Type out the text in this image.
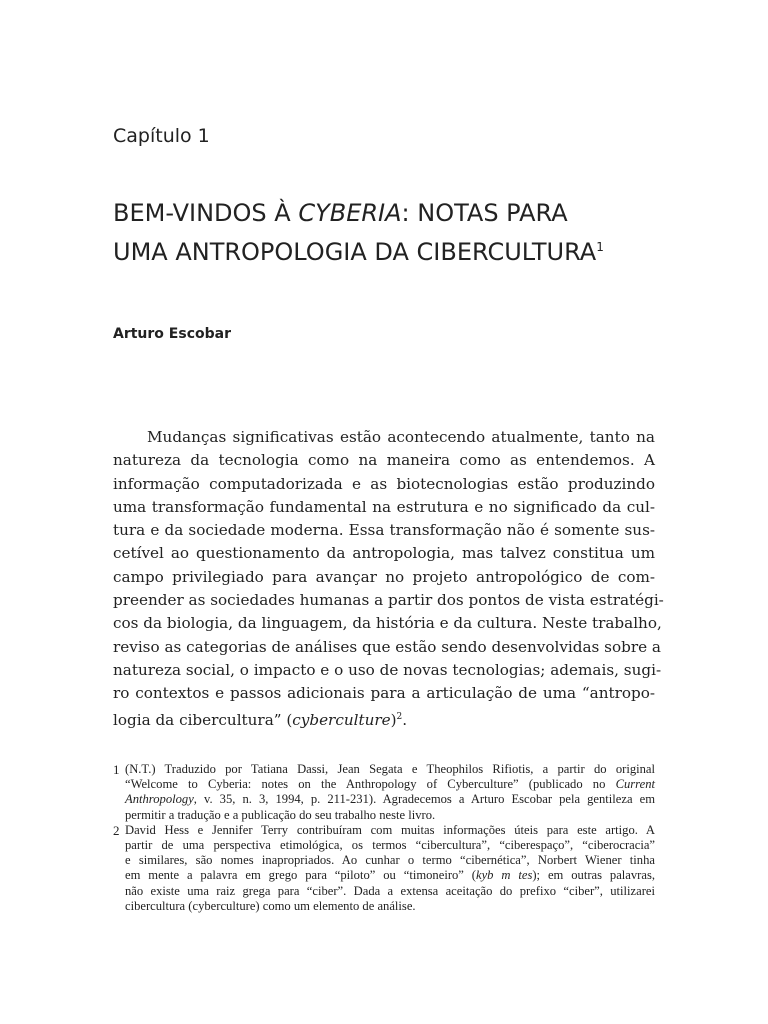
Capítulo 1
BEM-VINDOS À CYBERIA: NOTAS PARA
UMA ANTROPOLOGIA DA CIBERCULTURA$^1$
Arturo Escobar
Mudanças significativas estão acontecendo atualmente, tanto na
natureza da tecnologia como na maneira como as entendemos. A
informação computadorizada e as biotecnologias estão produzindo
uma transformação fundamental na estrutura e no significado da cul-
tura e da sociedade moderna. Essa transformação não é somente sus-
cetível ao questionamento da antropologia, mas talvez constitua um
campo privilegiado para avançar no projeto antropológico de com-
preender as sociedades humanas a partir dos pontos de vista estratégi-
cos da biologia, da linguagem, da história e da cultura. Neste trabalho,
reviso as categorias de análises que estão sendo desenvolvidas sobre a
natureza social, o impacto e o uso de novas tecnologias; ademais, sugi-
ro contextos e passos adicionais para a articulação de uma “antropo-
logia da cibercultura” (cyberculture)$^2$.
1 (N.T.) Traduzido por Tatiana Dassi, Jean Segata e Theophilos Rifiotis, a partir do original
“Welcome to Cyberia: notes on the Anthropology of Cyberculture” (publicado no Current
Anthropology, v. 35, n. 3, 1994, p. 211-231). Agradecemos a Arturo Escobar pela gentileza em
permitir a tradução e a publicação do seu trabalho neste livro.
2 David Hess e Jennifer Terry contribuíram com muitas informações úteis para este artigo. A
partir de uma perspectiva etimológica, os termos “cibercultura”, “ciberespaço”, “ciberocracia”
e similares, são nomes inapropriados. Ao cunhar o termo “cibernética”, Norbert Wiener tinha
em mente a palavra em grego para “piloto” ou “timoneiro” (kyb m tes); em outras palavras,
não existe uma raiz grega para “ciber”. Dada a extensa aceitação do prefixo “ciber”, utilizarei
cibercultura (cyberculture) como um elemento de análise.
